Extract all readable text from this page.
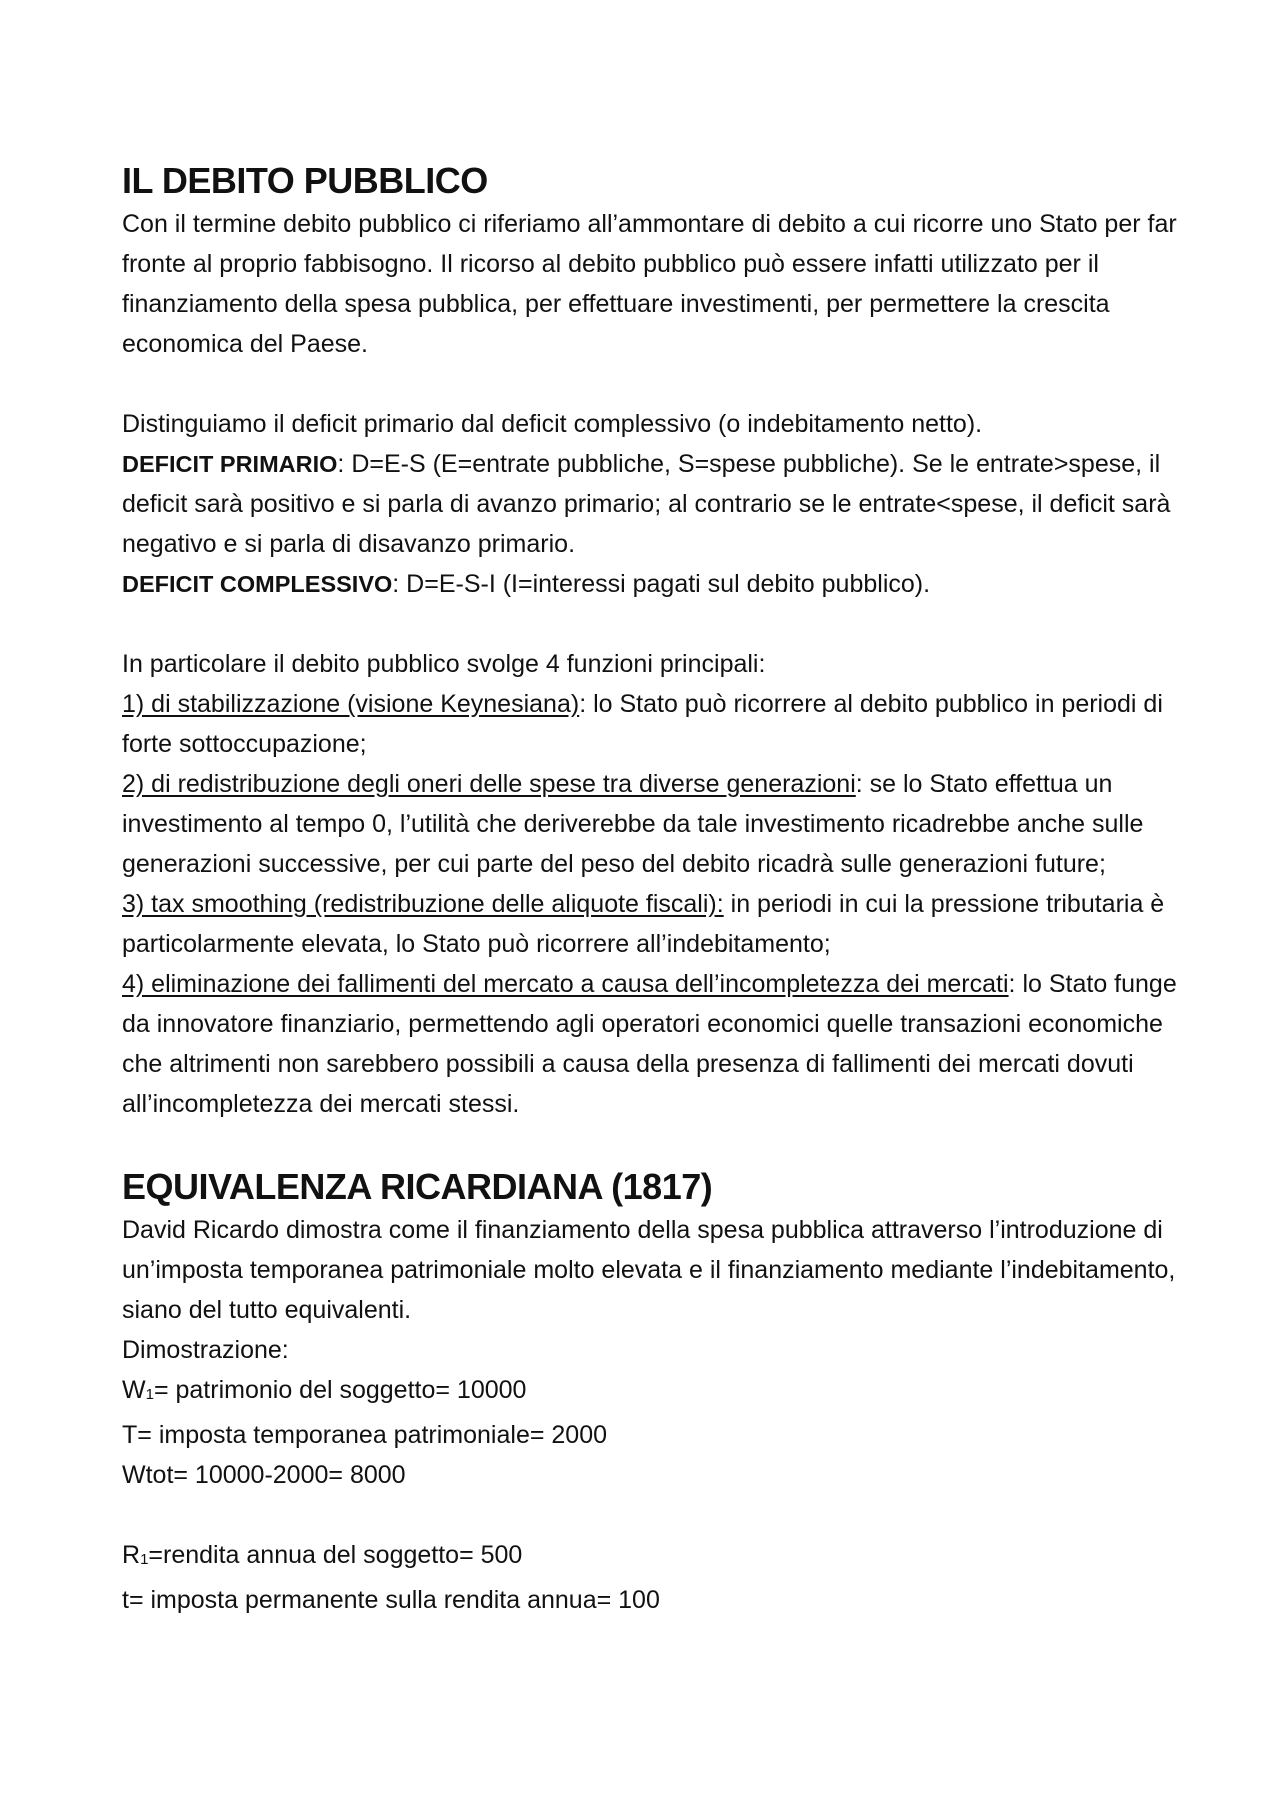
IL DEBITO PUBBLICO

Con il termine debito pubblico ci riferiamo all’ammontare di debito a cui ricorre uno Stato per far fronte al proprio fabbisogno. Il ricorso al debito pubblico può essere infatti utilizzato per il finanziamento della spesa pubblica, per effettuare investimenti, per permettere la crescita economica del Paese.

Distinguiamo il deficit primario dal deficit complessivo (o indebitamento netto).
DEFICIT PRIMARIO: D=E-S (E=entrate pubbliche, S=spese pubbliche). Se le entrate>spese, il deficit sarà positivo e si parla di avanzo primario; al contrario se le entrate<spese, il deficit sarà negativo e si parla di disavanzo primario.
DEFICIT COMPLESSIVO: D=E-S-I (I=interessi pagati sul debito pubblico).

In particolare il debito pubblico svolge 4 funzioni principali:
1) di stabilizzazione (visione Keynesiana): lo Stato può ricorrere al debito pubblico in periodi di forte sottoccupazione;
2) di redistribuzione degli oneri delle spese tra diverse generazioni: se lo Stato effettua un investimento al tempo 0, l’utilità che deriverebbe da tale investimento ricadrebbe anche sulle generazioni successive, per cui parte del peso del debito ricadrà sulle generazioni future;
3) tax smoothing (redistribuzione delle aliquote fiscali): in periodi in cui la pressione tributaria è particolarmente elevata, lo Stato può ricorrere all’indebitamento;
4) eliminazione dei fallimenti del mercato a causa dell’incompletezza dei mercati: lo Stato funge da innovatore finanziario, permettendo agli operatori economici quelle transazioni economiche che altrimenti non sarebbero possibili a causa della presenza di fallimenti dei mercati dovuti all’incompletezza dei mercati stessi.

EQUIVALENZA RICARDIANA (1817)

David Ricardo dimostra come il finanziamento della spesa pubblica attraverso l’introduzione di un’imposta temporanea patrimoniale molto elevata e il finanziamento mediante l’indebitamento, siano del tutto equivalenti.
Dimostrazione:
$W_1=$ patrimonio del soggetto= 10000
T= imposta temporanea patrimoniale= 2000
Wtot= 10000-2000= 8000

$R_1=rendita$ annua del soggetto= 500
t= imposta permanente sulla rendita annua= 100
